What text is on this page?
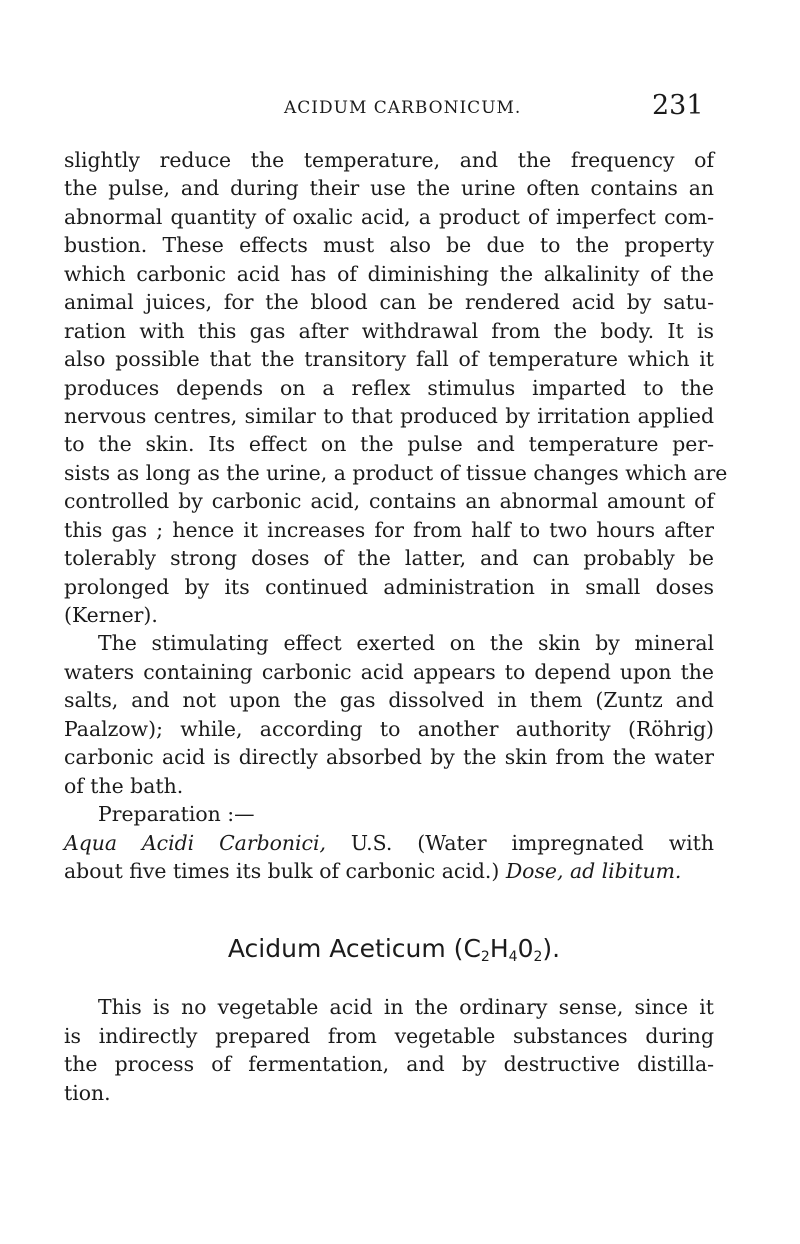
ACIDUM CARBONICUM.	231
slightly reduce the temperature, and the frequency of
the pulse, and during their use the urine often contains an
abnormal quantity of oxalic acid, a product of imperfect com-
bustion. These effects must also be due to the property
which carbonic acid has of diminishing the alkalinity of the
animal juices, for the blood can be rendered acid by satu-
ration with this gas after withdrawal from the body. It is
also possible that the transitory fall of temperature which it
produces depends on a reflex stimulus imparted to the
nervous centres, similar to that produced by irritation applied
to the skin. Its effect on the pulse and temperature per-
sists as long as the urine, a product of tissue changes which are
controlled by carbonic acid, contains an abnormal amount of
this gas ; hence it increases for from half to two hours after
tolerably strong doses of the latter, and can probably be
prolonged by its continued administration in small doses
(Kerner).
The stimulating effect exerted on the skin by mineral
waters containing carbonic acid appears to depend upon the
salts, and not upon the gas dissolved in them (Zuntz and
Paalzow); while, according to another authority (Röhrig)
carbonic acid is directly absorbed by the skin from the water
of the bath.
Preparation :—
Aqua Acidi Carbonici, U.S. (Water impregnated with
about five times its bulk of carbonic acid.) Dose, ad libitum.
Acidum Aceticum $(C_2H_40_2)$.
This is no vegetable acid in the ordinary sense, since it
is indirectly prepared from vegetable substances during
the process of fermentation, and by destructive distilla-
tion.
